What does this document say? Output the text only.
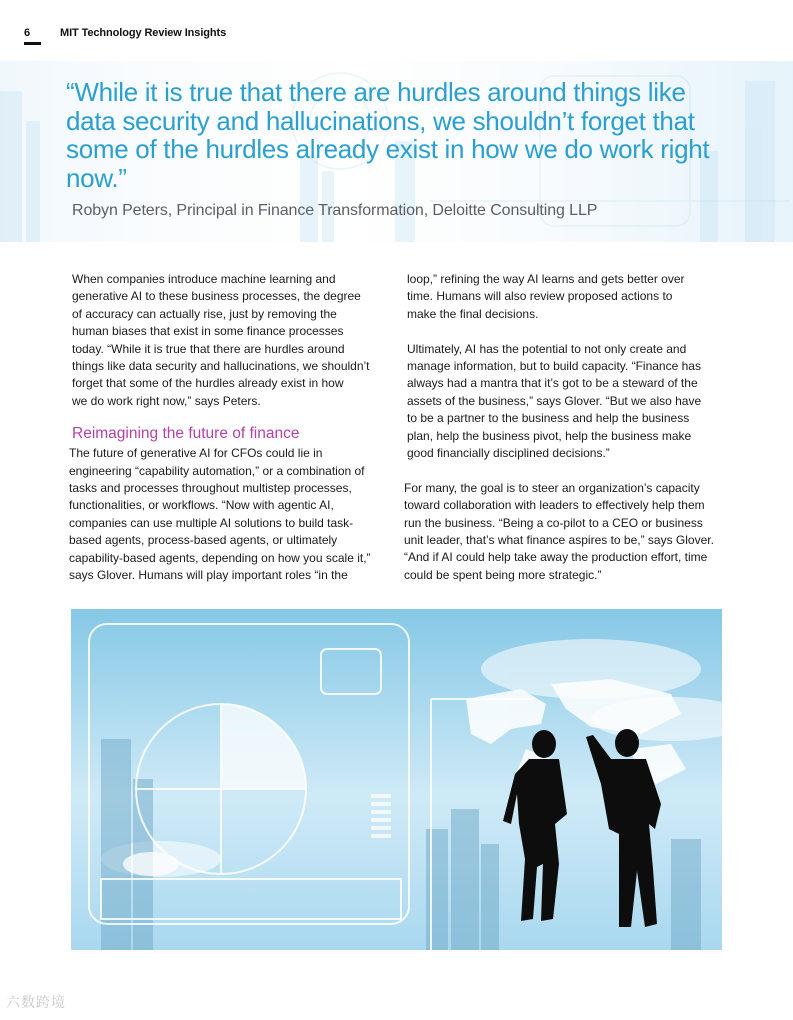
6	MIT Technology Review Insights
“While it is true that there are hurdles around things like data security and hallucinations, we shouldn’t forget that some of the hurdles already exist in how we do work right now.”
Robyn Peters, Principal in Finance Transformation, Deloitte Consulting LLP

When companies introduce machine learning and
generative AI to these business processes, the degree
of accuracy can actually rise, just by removing the
human biases that exist in some finance processes
today. “While it is true that there are hurdles around
things like data security and hallucinations, we shouldn’t
forget that some of the hurdles already exist in how
we do work right now,” says Peters.

Reimagining the future of finance

The future of generative AI for CFOs could lie in
engineering “capability automation,” or a combination of
tasks and processes throughout multistep processes,
functionalities, or workflows. “Now with agentic AI,
companies can use multiple AI solutions to build task-
based agents, process-based agents, or ultimately
capability-based agents, depending on how you scale it,”
says Glover. Humans will play important roles “in the

loop,” refining the way AI learns and gets better over
time. Humans will also review proposed actions to
make the final decisions.

Ultimately, AI has the potential to not only create and
manage information, but to build capacity. “Finance has
always had a mantra that it’s got to be a steward of the
assets of the business,” says Glover. “But we also have
to be a partner to the business and help the business
plan, help the business pivot, help the business make
good financially disciplined decisions.”

For many, the goal is to steer an organization’s capacity
toward collaboration with leaders to effectively help them
run the business. “Being a co-pilot to a CEO or business
unit leader, that’s what finance aspires to be,” says Glover.
“And if AI could help take away the production effort, time
could be spent being more strategic.”

六数跨境
